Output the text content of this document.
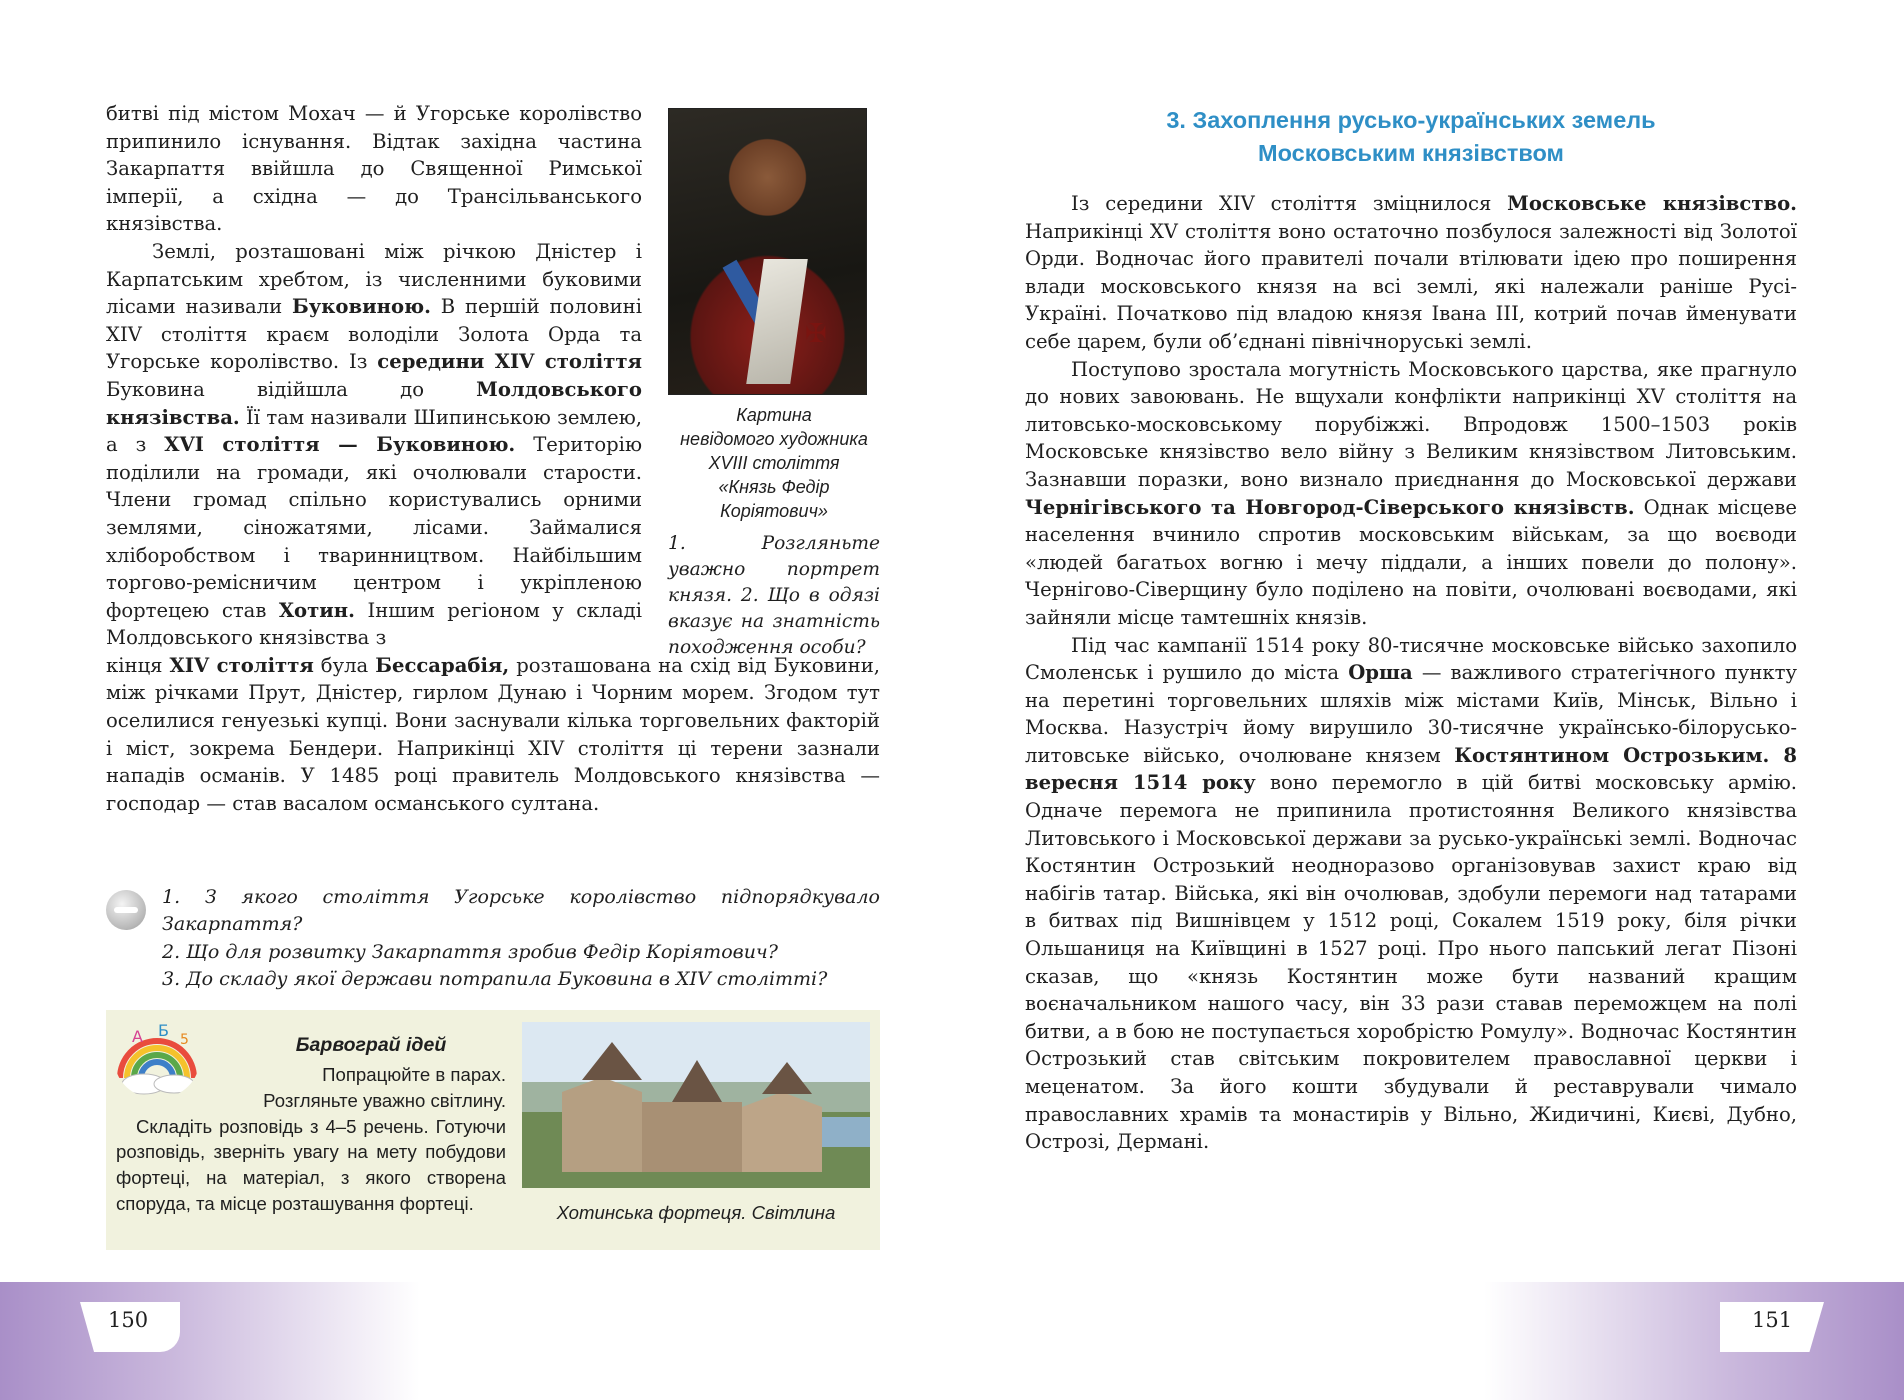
битві під містом Мохач — й Угорське королівство припинило існування. Відтак західна частина Закарпаття ввійшла до Священної Римської імперії, а східна — до Трансільванського князівства.

Землі, розташовані між річкою Дністер і Карпатським хребтом, із численними буковими лісами називали Буковиною. В першій половині XIV століття краєм володіли Золота Орда та Угорське королівство. Із середини XIV століття Буковина відійшла до Молдовського князівства. Її там називали Шипинською землею, а з XVI століття — Буковиною. Територію поділили на громади, які очолювали старости. Члени громад спільно користувались орними землями, сіножатями, лісами. Займалися хліборобством і тваринництвом. Найбільшим торгово-ремісничим центром і укріпленою фортецею став Хотин. Іншим регіоном у складі Молдовського князівства з

кінця XIV століття була Бессарабія, розташована на схід від Буковини, між річками Прут, Дністер, гирлом Дунаю і Чорним морем. Згодом тут оселилися генуезькі купці. Вони заснували кілька торговельних факторій і міст, зокрема Бендери. Наприкінці XIV століття ці терени зазнали нападів османів. У 1485 році правитель Молдовського князівства — господар — став васалом османського султана.

✠
Картина
невідомого художника
XVIII століття
«Князь Федір
Коріятович»
1. Розгляньте уважно портрет князя. 2. Що в одязі вказує на знатність походження особи?
1. З якого століття Угорське королівство підпорядкувало Закарпаття?
2. Що для розвитку Закарпаття зробив Федір Коріятович?
3. До складу якої держави потрапила Буковина в XIV столітті?
A Б 5	Барвограй ідей
Попрацюйте в парах.
Розгляньте уважно світлину.
Складіть розповідь з 4–5 речень. Готуючи розповідь, зверніть увагу на мету побудови фортеці, на матеріал, з якого створена споруда, та місце розташування фортеці.	Хотинська фортеця. Світлина
3. Захоплення русько-українських земель
Московським князівством

Із середини XIV століття зміцнилося Московське князівство. Наприкінці XV століття воно остаточно позбулося залежності від Золотої Орди. Водночас його правителі почали втілювати ідею про поширення влади московського князя на всі землі, які належали раніше Русі-Україні. Початково під владою князя Івана III, котрий почав йменувати себе царем, були об’єднані північноруські землі.

Поступово зростала могутність Московського царства, яке прагнуло до нових завоювань. Не вщухали конфлікти наприкінці XV століття на литовсько-московському порубіжжі. Впродовж 1500–1503 років Московське князівство вело війну з Великим князівством Литовським. Зазнавши поразки, воно визнало приєднання до Московської держави Чернігівського та Новгород-Сіверського князівств. Однак місцеве населення вчинило спротив московським військам, за що воєводи «людей багатьох вогню і мечу піддали, а інших повели до полону». Чернігово-Сіверщину було поділено на повіти, очолювані воєводами, які зайняли місце тамтешніх князів.

Під час кампанії 1514 року 80-тисячне московське військо захопило Смоленськ і рушило до міста Орша — важливого стратегічного пункту на перетині торговельних шляхів між містами Київ, Мінськ, Вільно і Москва. Назустріч йому вирушило 30-тисячне українсько-білорусько-литовське військо, очолюване князем Костянтином Острозьким. 8 вересня 1514 року воно перемогло в цій битві московську армію. Одначе перемога не припинила протистояння Великого князівства Литовського і Московської держави за русько-українські землі. Водночас Костянтин Острозький неодноразово організовував захист краю від набігів татар. Війська, які він очолював, здобули перемоги над татарами в битвах під Вишнівцем у 1512 році, Сокалем 1519 року, біля річки Ольшаниця на Київщині в 1527 році. Про нього папський легат Пізоні сказав, що «князь Костянтин може бути названий кращим воєначальником нашого часу, він 33 рази ставав переможцем на полі битви, а в бою не поступається хоробрістю Ромулу». Водночас Костянтин Острозький став світським покровителем православної церкви і меценатом. За його кошти збудували й реставрували чимало православних храмів та монастирів у Вільно, Жидичині, Києві, Дубно, Острозі, Дермані.

150	151
